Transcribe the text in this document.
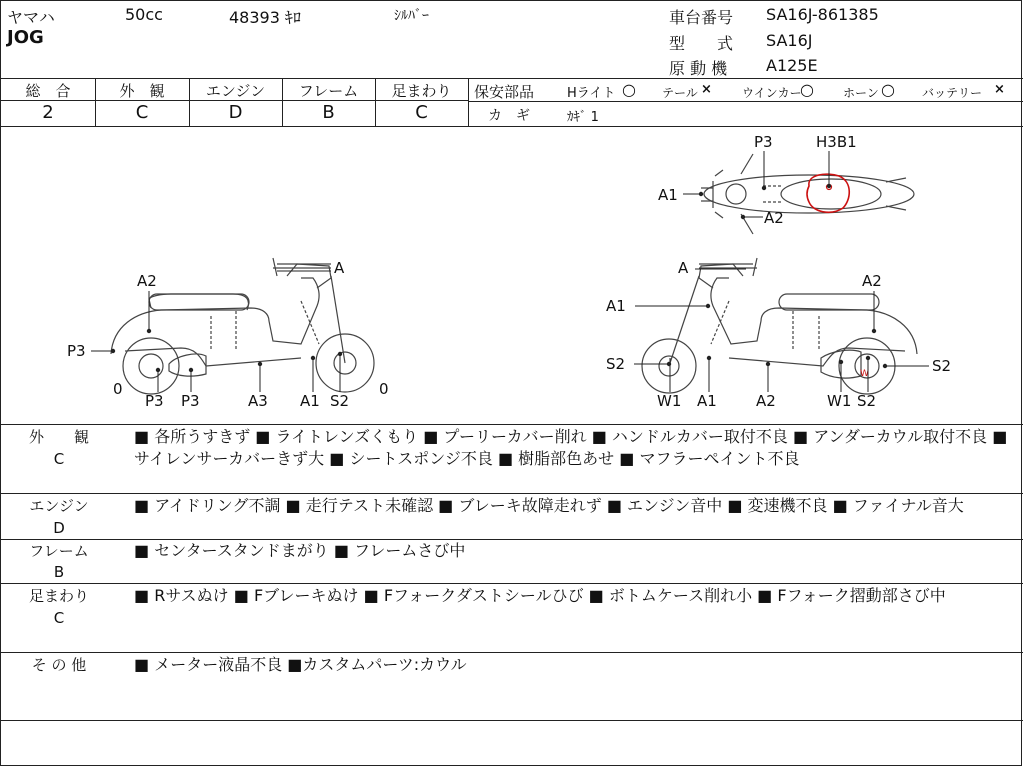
ヤマハ	50cc	48393 ｷﾛ	ｼﾙﾊﾞｰ
JOG
車台番号 SA16J-861385
型　　式 SA16J
原 動 機 A125E
総　合
2
外　観
C
エンジン
D
フレーム
B
足まわり
C
保安部品	Hライト ○ テール ×	ウインカー
○ ホーン ○ バッテリー ×
カ　ギ	ｶｷﾞ 1
W
P3	H3B1
A1
A2
A
A2
P3
0	0
P3 P3	A3 A1 S2
A
A2
A1
S2	S2
W1 A1	A2	W1 S2
外　　観
C
■ 各所うすきず ■ ライトレンズくもり ■ プーリーカバー削れ ■ ハンドルカバー取付不良 ■ アンダーカウル取付不良 ■ サイレンサーカバーきず大 ■ シートスポンジ不良 ■ 樹脂部色あせ ■ マフラーペイント不良
エンジン
D
■ アイドリング不調 ■ 走行テスト未確認 ■ ブレーキ故障走れず ■ エンジン音中 ■ 変速機不良 ■ ファイナル音大
フレーム
B
■ センタースタンドまがり ■ フレームさび中
足まわり
C
■ Rサスぬけ ■ Fブレーキぬけ ■ Fフォークダストシールひび ■ ボトムケース削れ小 ■ Fフォーク摺動部さび中
そ の 他	■ メーター液晶不良 ■カスタムパーツ:カウル
